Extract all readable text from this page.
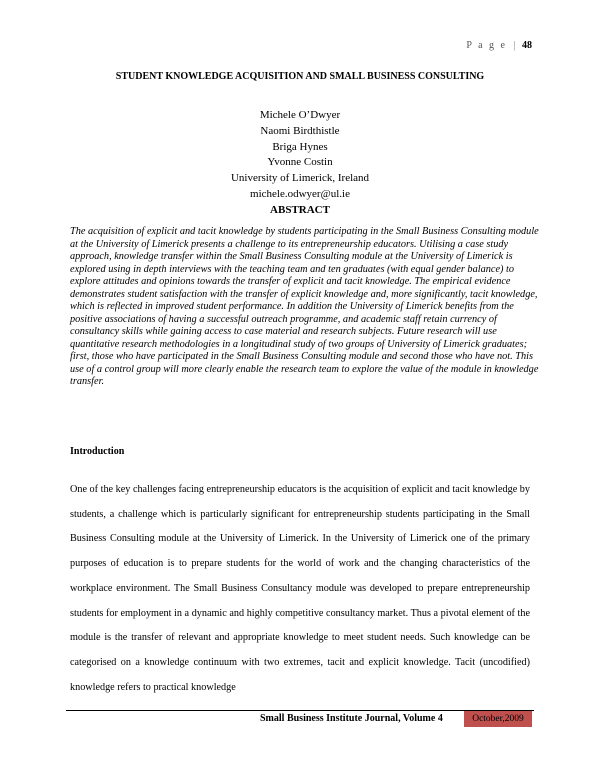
P a g e | 48
STUDENT KNOWLEDGE ACQUISITION AND SMALL BUSINESS CONSULTING
Michele O’Dwyer
Naomi Birdthistle
Briga Hynes
Yvonne Costin
University of Limerick, Ireland
michele.odwyer@ul.ie
ABSTRACT
The acquisition of explicit and tacit knowledge by students participating in the Small Business Consulting module at the University of Limerick presents a challenge to its entrepreneurship educators. Utilising a case study approach, knowledge transfer within the Small Business Consulting module at the University of Limerick is explored using in depth interviews with the teaching team and ten graduates (with equal gender balance) to explore attitudes and opinions towards the transfer of explicit and tacit knowledge. The empirical evidence demonstrates student satisfaction with the transfer of explicit knowledge and, more significantly, tacit knowledge, which is reflected in improved student performance. In addition the University of Limerick benefits from the positive associations of having a successful outreach programme, and academic staff retain currency of consultancy skills while gaining access to case material and research subjects. Future research will use quantitative research methodologies in a longitudinal study of two groups of University of Limerick graduates; first, those who have participated in the Small Business Consulting module and second those who have not. This use of a control group will more clearly enable the research team to explore the value of the module in knowledge transfer.
Introduction
One of the key challenges facing entrepreneurship educators is the acquisition of explicit and tacit knowledge by students, a challenge which is particularly significant for entrepreneurship students participating in the Small Business Consulting module at the University of Limerick. In the University of Limerick one of the primary purposes of education is to prepare students for the world of work and the changing characteristics of the workplace environment. The Small Business Consultancy module was developed to prepare entrepreneurship students for employment in a dynamic and highly competitive consultancy market. Thus a pivotal element of the module is the transfer of relevant and appropriate knowledge to meet student needs. Such knowledge can be categorised on a knowledge continuum with two extremes, tacit and explicit knowledge. Tacit (uncodified) knowledge refers to practical knowledge
Small Business Institute Journal, Volume 4	October,2009
